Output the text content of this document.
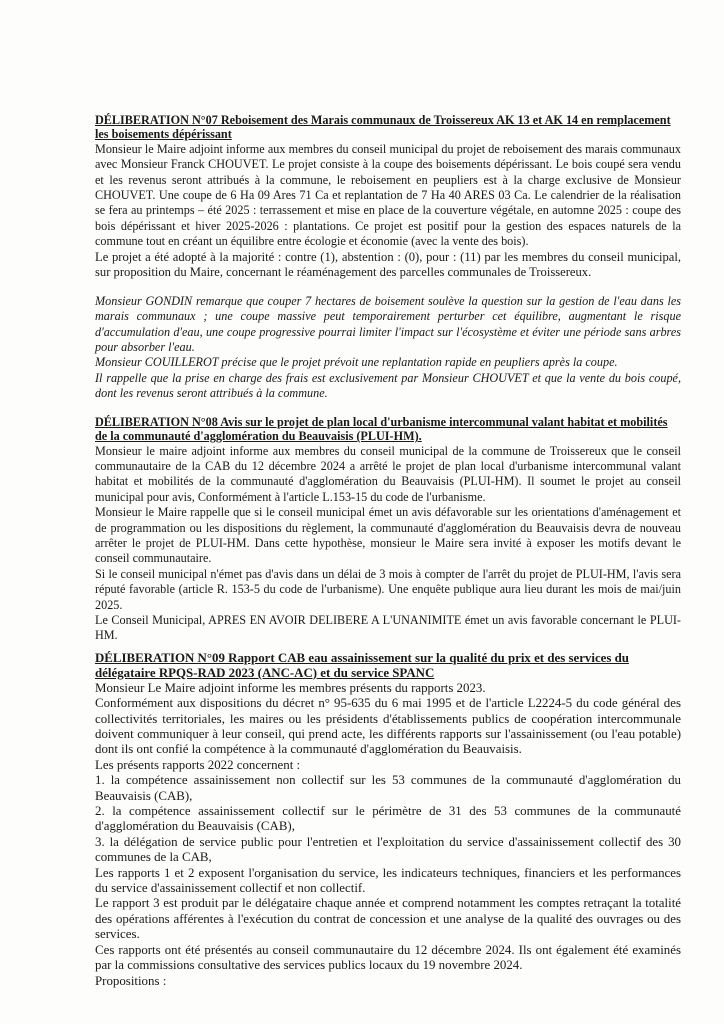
DÉLIBERATION N°07 Reboisement des Marais communaux de Troissereux AK 13 et AK 14 en remplacement les boisements dépérissant

Monsieur le Maire adjoint informe aux membres du conseil municipal du projet de reboisement des marais communaux avec Monsieur Franck CHOUVET. Le projet consiste à la coupe des boisements dépérissant. Le bois coupé sera vendu et les revenus seront attribués à la commune, le reboisement en peupliers est à la charge exclusive de Monsieur CHOUVET. Une coupe de 6 Ha 09 Ares 71 Ca et replantation de 7 Ha 40 ARES 03 Ca. Le calendrier de la réalisation se fera au printemps – été 2025 : terrassement et mise en place de la couverture végétale, en automne 2025 : coupe des bois dépérissant et hiver 2025-2026 : plantations. Ce projet est positif pour la gestion des espaces naturels de la commune tout en créant un équilibre entre écologie et économie (avec la vente des bois).

Le projet a été adopté à la majorité : contre (1), abstention : (0), pour : (11) par les membres du conseil municipal, sur proposition du Maire, concernant le réaménagement des parcelles communales de Troissereux.

Monsieur GONDIN remarque que couper 7 hectares de boisement soulève la question sur la gestion de l'eau dans les marais communaux ; une coupe massive peut temporairement perturber cet équilibre, augmentant le risque d'accumulation d'eau, une coupe progressive pourrai limiter l'impact sur l'écosystème et éviter une période sans arbres pour absorber l'eau.

Monsieur COUILLEROT précise que le projet prévoit une replantation rapide en peupliers après la coupe.

Il rappelle que la prise en charge des frais est exclusivement par Monsieur CHOUVET et que la vente du bois coupé, dont les revenus seront attribués à la commune.

DÉLIBERATION N°08 Avis sur le projet de plan local d'urbanisme intercommunal valant habitat et mobilités de la communauté d'agglomération du Beauvaisis (PLUI-HM).

Monsieur le maire adjoint informe aux membres du conseil municipal de la commune de Troissereux que le conseil communautaire de la CAB du 12 décembre 2024 a arrêté le projet de plan local d'urbanisme intercommunal valant habitat et mobilités de la communauté d'agglomération du Beauvaisis (PLUI-HM). Il soumet le projet au conseil municipal pour avis, Conformément à l'article L.153-15 du code de l'urbanisme.

Monsieur le Maire rappelle que si le conseil municipal émet un avis défavorable sur les orientations d'aménagement et de programmation ou les dispositions du règlement, la communauté d'agglomération du Beauvaisis devra de nouveau arrêter le projet de PLUI-HM. Dans cette hypothèse, monsieur le Maire sera invité à exposer les motifs devant le conseil communautaire.

Si le conseil municipal n'émet pas d'avis dans un délai de 3 mois à compter de l'arrêt du projet de PLUI-HM, l'avis sera réputé favorable (article R. 153-5 du code de l'urbanisme). Une enquête publique aura lieu durant les mois de mai/juin 2025.

Le Conseil Municipal, APRES EN AVOIR DELIBERE A L'UNANIMITE émet un avis favorable concernant le PLUI-HM.

DÉLIBERATION N°09 Rapport CAB eau assainissement sur la qualité du prix et des services du délégataire RPQS-RAD 2023 (ANC-AC) et du service SPANC

Monsieur Le Maire adjoint informe les membres présents du rapports 2023.

Conformément aux dispositions du décret n° 95-635 du 6 mai 1995 et de l'article L2224-5 du code général des collectivités territoriales, les maires ou les présidents d'établissements publics de coopération intercommunale doivent communiquer à leur conseil, qui prend acte, les différents rapports sur l'assainissement (ou l'eau potable) dont ils ont confié la compétence à la communauté d'agglomération du Beauvaisis.

Les présents rapports 2022 concernent :

1. la compétence assainissement non collectif sur les 53 communes de la communauté d'agglomération du Beauvaisis (CAB),

2. la compétence assainissement collectif sur le périmètre de 31 des 53 communes de la communauté d'agglomération du Beauvaisis (CAB),

3. la délégation de service public pour l'entretien et l'exploitation du service d'assainissement collectif des 30 communes de la CAB,

Les rapports 1 et 2 exposent l'organisation du service, les indicateurs techniques, financiers et les performances du service d'assainissement collectif et non collectif.

Le rapport 3 est produit par le délégataire chaque année et comprend notamment les comptes retraçant la totalité des opérations afférentes à l'exécution du contrat de concession et une analyse de la qualité des ouvrages ou des services.

Ces rapports ont été présentés au conseil communautaire du 12 décembre 2024. Ils ont également été examinés par la commissions consultative des services publics locaux du 19 novembre 2024.

Propositions :
